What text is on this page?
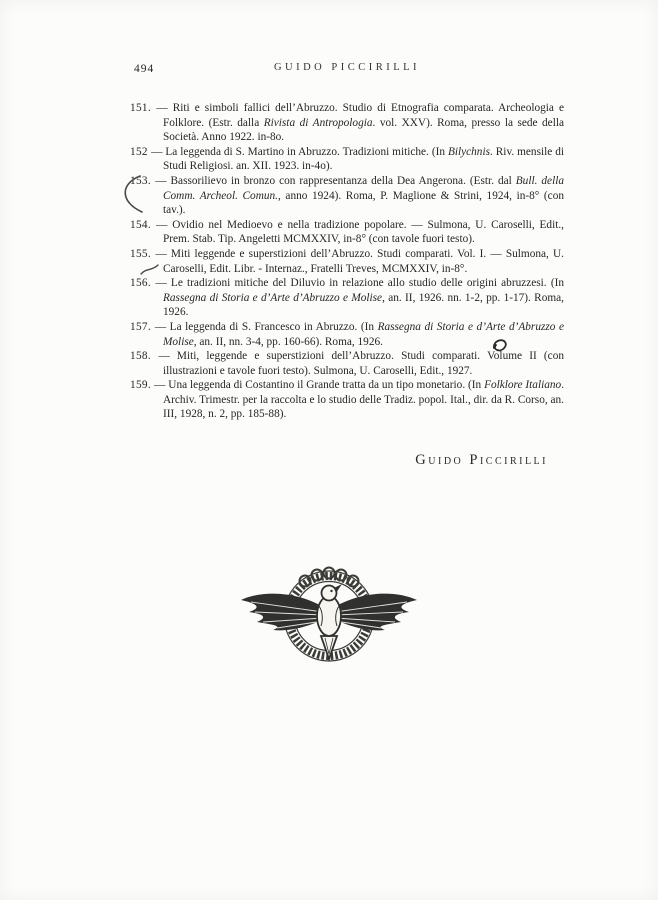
494	GUIDO PICCIRILLI

151. — Riti e simboli fallici dell’Abruzzo. Studio di Etnografia comparata. Archeologia e Folklore. (Estr. dalla Rivista di Antropologia. vol. XXV). Roma, presso la sede della Società. Anno 1922. in-8o.

152 — La leggenda di S. Martino in Abruzzo. Tradizioni mitiche. (In Bilychnis. Riv. mensile di Studi Religiosi. an. XII. 1923. in-4o).

153. — Bassorilievo in bronzo con rappresentanza della Dea Angerona. (Estr. dal Bull. della Comm. Archeol. Comun., anno 1924). Roma, P. Maglione & Strini, 1924, in-8° (con tav.).

154. — Ovidio nel Medioevo e nella tradizione popolare. — Sulmona, U. Caroselli, Edit., Prem. Stab. Tip. Angeletti MCMXXIV, in-8° (con tavole fuori testo).

155. — Miti leggende e superstizioni dell’Abruzzo. Studi comparati. Vol. I. — Sulmona, U. Caroselli, Edit. Libr. - Internaz., Fratelli Treves, MCMXXIV, in-8°.

156. — Le tradizioni mitiche del Diluvio in relazione allo studio delle origini abruzzesi. (In Rassegna di Storia e d’Arte d’Abruzzo e Molise, an. II, 1926. nn. 1-2, pp. 1-17). Roma, 1926.

157. — La leggenda di S. Francesco in Abruzzo. (In Rassegna di Storia e d’Arte d’Abruzzo e Molise, an. II, nn. 3-4, pp. 160-66). Roma, 1926.

158. — Miti, leggende e superstizioni dell’Abruzzo. Studi comparati. Volume II (con illustrazioni e tavole fuori testo). Sulmona, U. Caroselli, Edit., 1927.

159. — Una leggenda di Costantino il Grande tratta da un tipo monetario. (In Folklore Italiano. Archiv. Trimestr. per la raccolta e lo studio delle Tradiz. popol. Ital., dir. da R. Corso, an. III, 1928, n. 2, pp. 185-88).

Guido Piccirilli
